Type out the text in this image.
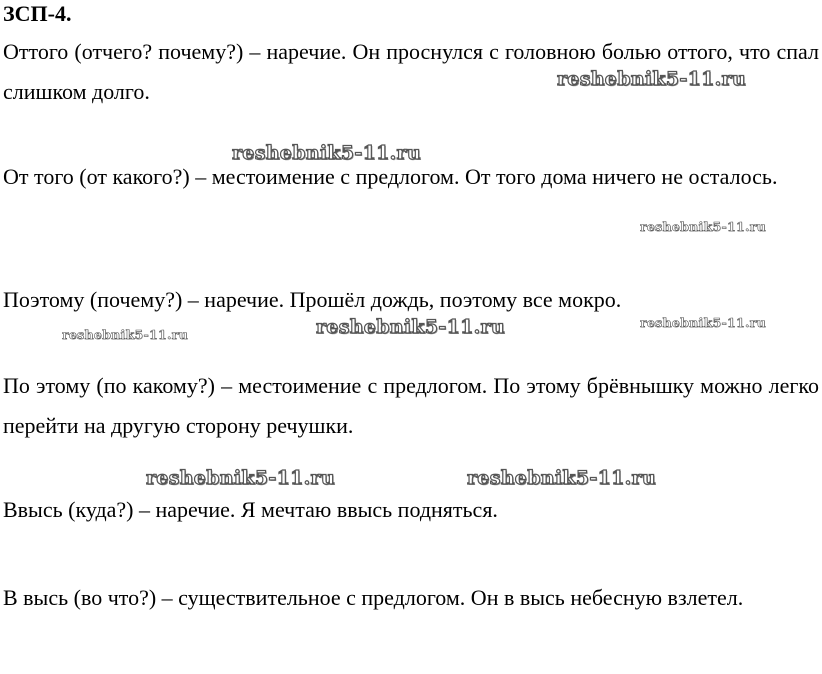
ЗСП-4.

Оттого (отчего? почему?) – наречие. Он проснулся с головною болью оттого, что спал слишком долго.

От того (от какого?) – местоимение с предлогом. От того дома ничего не осталось.

Поэтому (почему?) – наречие. Прошёл дождь, поэтому все мокро.

По этому (по какому?) – местоимение с предлогом. По этому брёвнышку можно легко перейти на другую сторону речушки.

Ввысь (куда?) – наречие. Я мечтаю ввысь подняться.

В высь (во что?) – существительное с предлогом. Он в высь небесную взлетел.

reshebnik5-11.ru
reshebnik5-11.ru
reshebnik5-11.ru
reshebnik5-11.ru	reshebnik5-11.ru	reshebnik5-11.ru
reshebnik5-11.ru	reshebnik5-11.ru
